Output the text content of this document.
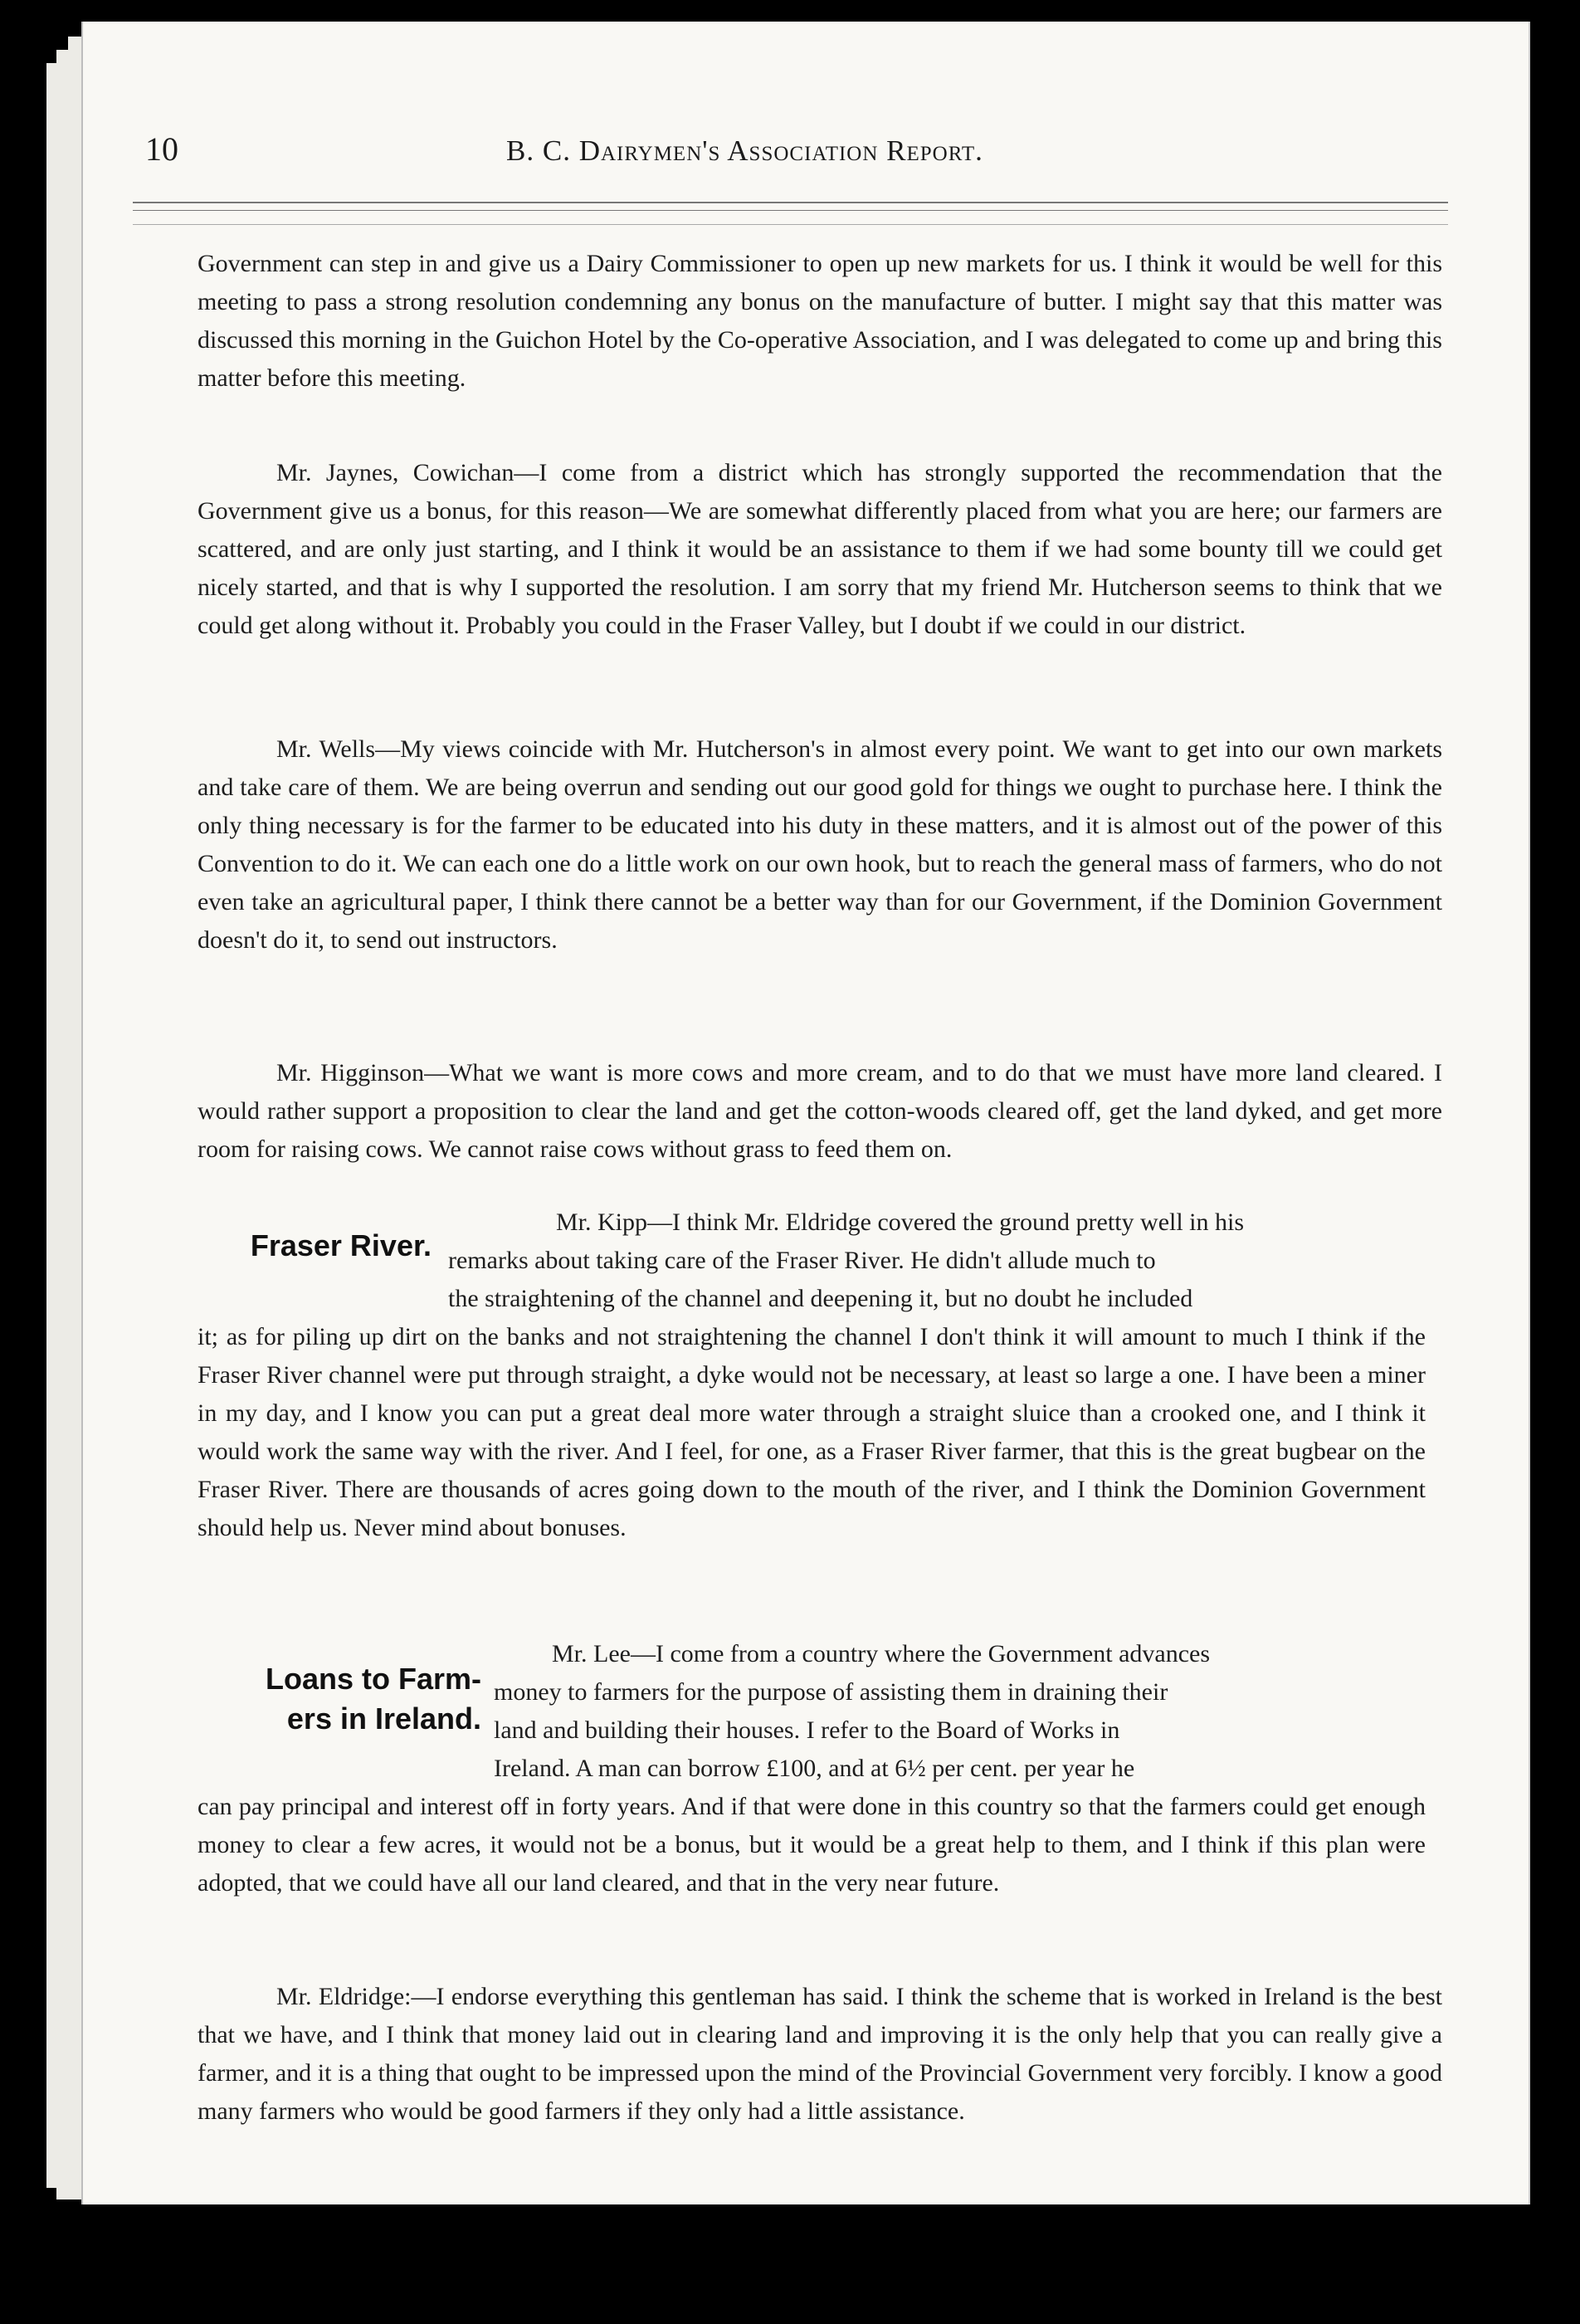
10	B. C. Dairymen's Association Report.

Government can step in and give us a Dairy Commissioner to open up new markets for us. I think it would be well for this meeting to pass a strong resolution condemning any bonus on the manufacture of butter. I might say that this matter was discussed this morning in the Guichon Hotel by the Co-operative Association, and I was delegated to come up and bring this matter before this meeting.

Mr. Jaynes, Cowichan—I come from a district which has strongly supported the recommendation that the Government give us a bonus, for this reason—We are somewhat differently placed from what you are here; our farmers are scattered, and are only just starting, and I think it would be an assistance to them if we had some bounty till we could get nicely started, and that is why I supported the resolution. I am sorry that my friend Mr. Hutcherson seems to think that we could get along without it. Probably you could in the Fraser Valley, but I doubt if we could in our district.

Mr. Wells—My views coincide with Mr. Hutcherson's in almost every point. We want to get into our own markets and take care of them. We are being overrun and sending out our good gold for things we ought to purchase here. I think the only thing necessary is for the farmer to be educated into his duty in these matters, and it is almost out of the power of this Convention to do it. We can each one do a little work on our own hook, but to reach the general mass of farmers, who do not even take an agricultural paper, I think there cannot be a better way than for our Government, if the Dominion Government doesn't do it, to send out instructors.

Mr. Higginson—What we want is more cows and more cream, and to do that we must have more land cleared. I would rather support a proposition to clear the land and get the cotton-woods cleared off, get the land dyked, and get more room for raising cows. We cannot raise cows without grass to feed them on.

Fraser River.
Mr. Kipp—I think Mr. Eldridge covered the ground pretty well in his
remarks about taking care of the Fraser River. He didn't allude much to
the straightening of the channel and deepening it, but no doubt he included

it; as for piling up dirt on the banks and not straightening the channel I don't think it will amount to much I think if the Fraser River channel were put through straight, a dyke would not be necessary, at least so large a one. I have been a miner in my day, and I know you can put a great deal more water through a straight sluice than a crooked one, and I think it would work the same way with the river. And I feel, for one, as a Fraser River farmer, that this is the great bugbear on the Fraser River. There are thousands of acres going down to the mouth of the river, and I think the Dominion Government should help us. Never mind about bonuses.

Loans to Farm-
ers in Ireland.
Mr. Lee—I come from a country where the Government advances
money to farmers for the purpose of assisting them in draining their
land and building their houses. I refer to the Board of Works in
Ireland. A man can borrow £100, and at 6½ per cent. per year he

can pay principal and interest off in forty years. And if that were done in this country so that the farmers could get enough money to clear a few acres, it would not be a bonus, but it would be a great help to them, and I think if this plan were adopted, that we could have all our land cleared, and that in the very near future.

Mr. Eldridge:—I endorse everything this gentleman has said. I think the scheme that is worked in Ireland is the best that we have, and I think that money laid out in clearing land and improving it is the only help that you can really give a farmer, and it is a thing that ought to be impressed upon the mind of the Provincial Government very forcibly. I know a good many farmers who would be good farmers if they only had a little assistance.
